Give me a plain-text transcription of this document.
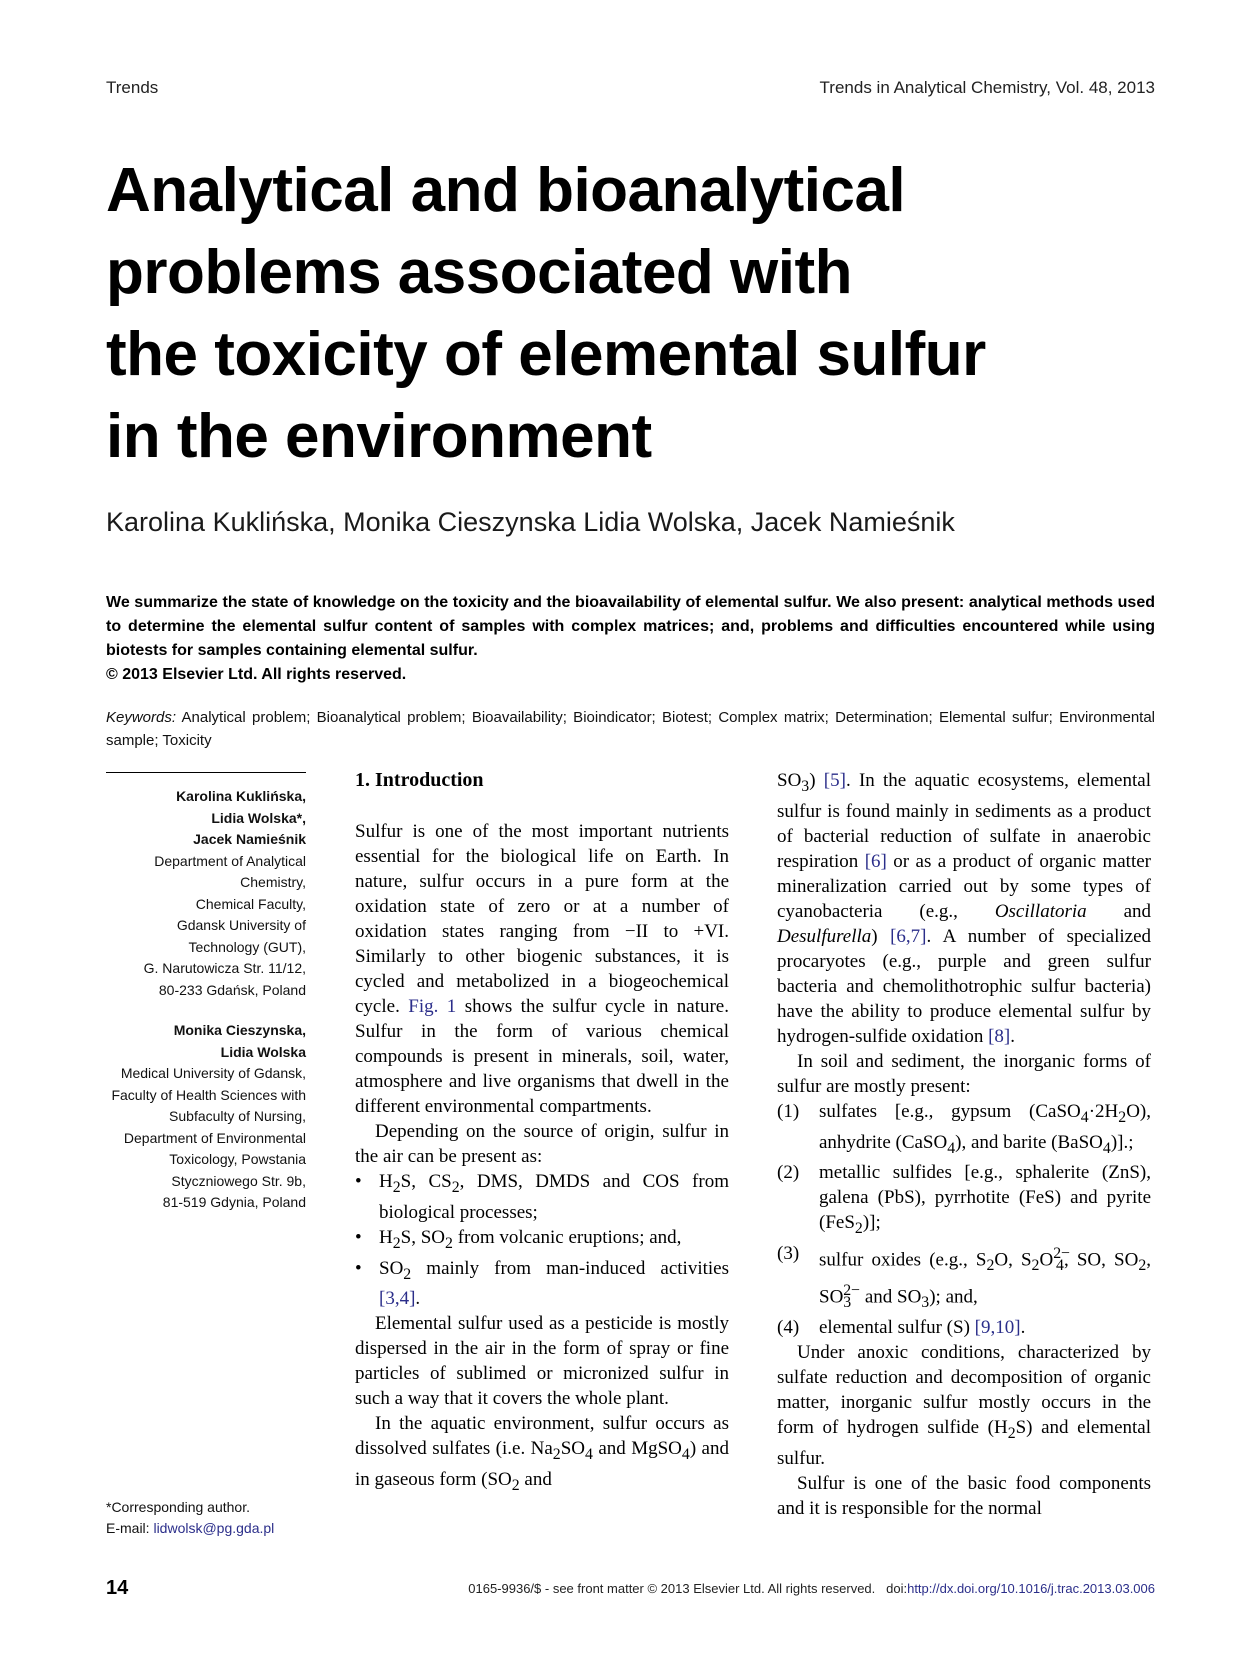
Trends	Trends in Analytical Chemistry, Vol. 48, 2013
Analytical and bioanalytical
problems associated with
the toxicity of elemental sulfur
in the environment
Karolina Kuklińska, Monika Cieszynska Lidia Wolska, Jacek Namieśnik

We summarize the state of knowledge on the toxicity and the bioavailability of elemental sulfur. We also present: analytical methods used to determine the elemental sulfur content of samples with complex matrices; and, problems and difficulties encountered while using biotests for samples containing elemental sulfur.

© 2013 Elsevier Ltd. All rights reserved.

Keywords: Analytical problem; Bioanalytical problem; Bioavailability; Bioindicator; Biotest; Complex matrix; Determination; Elemental sulfur; Environmental sample; Toxicity
Karolina Kuklińska,
Lidia Wolska*,
Jacek Namieśnik
Department of Analytical
Chemistry,
Chemical Faculty,
Gdansk University of
Technology (GUT),
G. Narutowicza Str. 11/12,
80-233 Gdańsk, Poland
Monika Cieszynska,
Lidia Wolska
Medical University of Gdansk,
Faculty of Health Sciences with
Subfaculty of Nursing,
Department of Environmental
Toxicology, Powstania
Styczniowego Str. 9b,
81-519 Gdynia, Poland
*Corresponding author.
E-mail: lidwolsk@pg.gda.pl
1. Introduction

Sulfur is one of the most important nutrients essential for the biological life on Earth. In nature, sulfur occurs in a pure form at the oxidation state of zero or at a number of oxidation states ranging from −II to +VI. Similarly to other biogenic substances, it is cycled and metabolized in a biogeochemical cycle. Fig. 1 shows the sulfur cycle in nature. Sulfur in the form of various chemical compounds is present in minerals, soil, water, atmosphere and live organisms that dwell in the different environmental compartments.

Depending on the source of origin, sulfur in the air can be present as:

• $H_2S$, $CS_2$, DMS, DMDS and COS from biological processes;
• $H_2S$, $SO_2$ from volcanic eruptions; and,
• $SO_2$ mainly from man-induced activities [3,4].

Elemental sulfur used as a pesticide is mostly dispersed in the air in the form of spray or fine particles of sublimed or micronized sulfur in such a way that it covers the whole plant.

In the aquatic environment, sulfur occurs as dissolved sulfates (i.e. $Na_2SO_4$ and MgSO$_4$) and in gaseous form ($SO_2$ and

$SO_3$) [5]. In the aquatic ecosystems, elemental sulfur is found mainly in sediments as a product of bacterial reduction of sulfate in anaerobic respiration [6] or as a product of organic matter mineralization carried out by some types of cyanobacteria (e.g., Oscillatoria and Desulfurella) [6,7]. A number of specialized procaryotes (e.g., purple and green sulfur bacteria and chemolithotrophic sulfur bacteria) have the ability to produce elemental sulfur by hydrogen-sulfide oxidation [8].

In soil and sediment, the inorganic forms of sulfur are mostly present:

(1) sulfates [e.g., gypsum $(CaSO_4\cdot 2H_2O)$, anhydrite (CaSO$_4$), and barite (BaSO$_4$)].;
(2) metallic sulfides [e.g., sphalerite (ZnS), galena (PbS), pyrrhotite (FeS) and pyrite (FeS$_2$)];
(3) sulfur oxides (e.g., $S_2O$, $S_2O^{2-}_4$, SO, $SO_2$, $SO_3^{2-}$ and $SO_3$); and,
(4) elemental sulfur (S) [9,10].

Under anoxic conditions, characterized by sulfate reduction and decomposition of organic matter, inorganic sulfur mostly occurs in the form of hydrogen sulfide $(H_2S)$ and elemental sulfur.

Sulfur is one of the basic food components and it is responsible for the normal

14	0165-9936/$ - see front matter © 2013 Elsevier Ltd. All rights reserved. doi:http://dx.doi.org/10.1016/j.trac.2013.03.006
